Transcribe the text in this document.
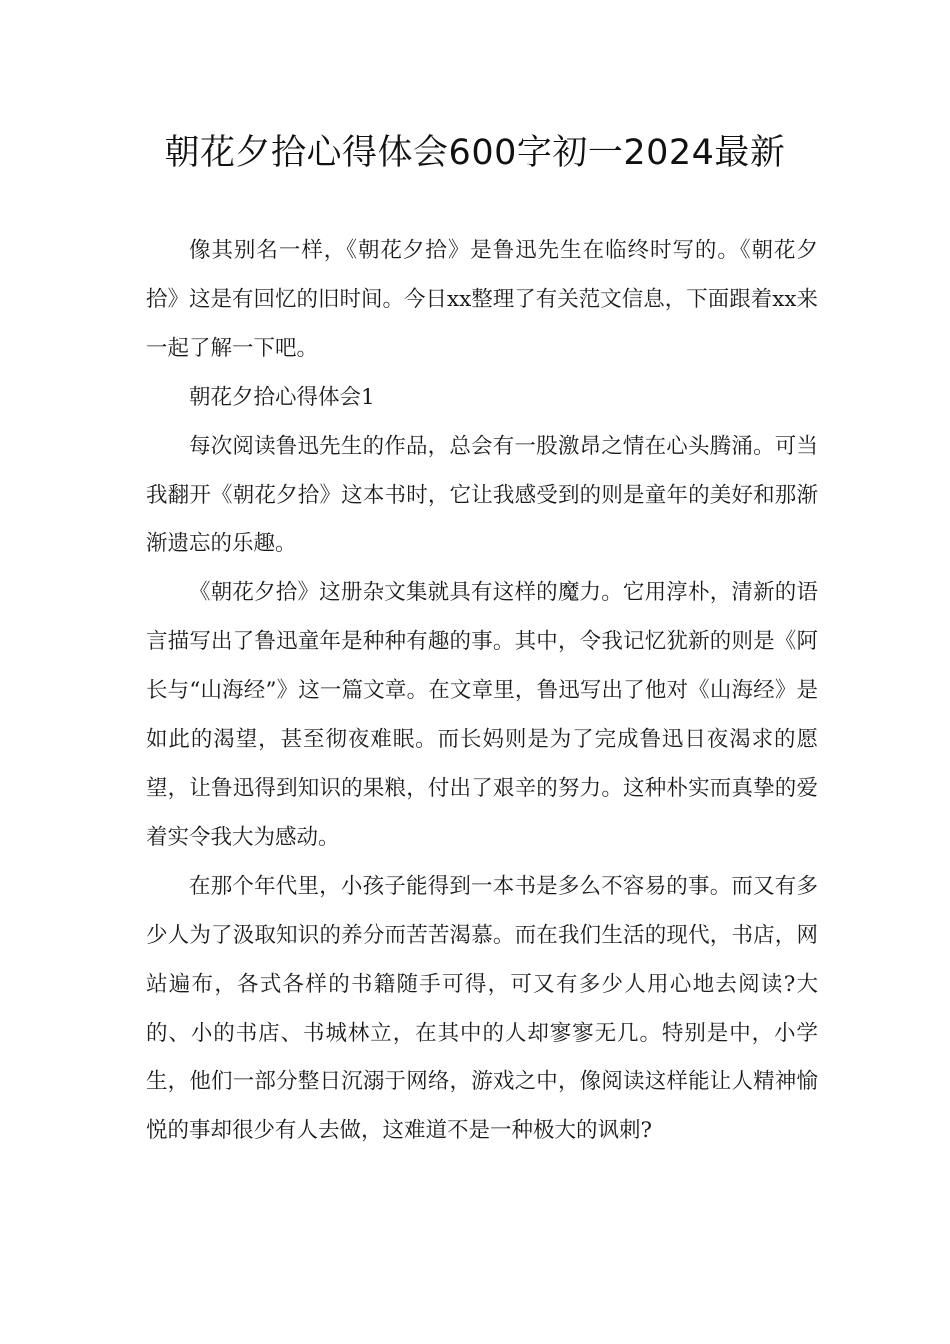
朝花夕拾心得体会600字初一2024最新

像其别名一样，《朝花夕拾》是鲁迅先生在临终时写的。《朝花夕拾》这是有回忆的旧时间。今日xx整理了有关范文信息，下面跟着xx来一起了解一下吧。

朝花夕拾心得体会1

每次阅读鲁迅先生的作品，总会有一股激昂之情在心头腾涌。可当我翻开《朝花夕拾》这本书时，它让我感受到的则是童年的美好和那渐渐遗忘的乐趣。

《朝花夕拾》这册杂文集就具有这样的魔力。它用淳朴，清新的语言描写出了鲁迅童年是种种有趣的事。其中，令我记忆犹新的则是《阿长与“山海经”》这一篇文章。在文章里，鲁迅写出了他对《山海经》是如此的渴望，甚至彻夜难眠。而长妈则是为了完成鲁迅日夜渴求的愿望，让鲁迅得到知识的果粮，付出了艰辛的努力。这种朴实而真挚的爱着实令我大为感动。

在那个年代里，小孩子能得到一本书是多么不容易的事。而又有多少人为了汲取知识的养分而苦苦渴慕。而在我们生活的现代，书店，网站遍布，各式各样的书籍随手可得，可又有多少人用心地去阅读?大的、小的书店、书城林立，在其中的人却寥寥无几。特别是中，小学生，他们一部分整日沉溺于网络，游戏之中，像阅读这样能让人精神愉悦的事却很少有人去做，这难道不是一种极大的讽刺?
